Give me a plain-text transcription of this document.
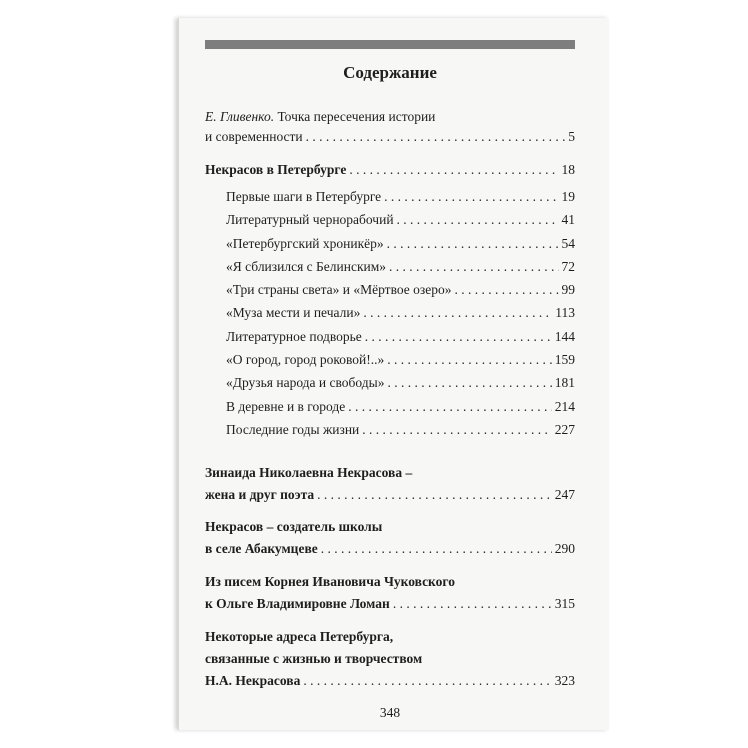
Содержание
Е. Гливенко. Точка пересечения истории
и современности . . .	5
Некрасов в Петербурге . . .	18
Первые шаги в Петербурге . . .	19
Литературный чернорабочий . . .	41
«Петербургский хроникёр» . . .	54
«Я сблизился с Белинским» . . .	72
«Три страны света» и «Мёртвое озеро» . . .	99
«Муза мести и печали» . . .	113
Литературное подворье . . .	144
«О город, город роковой!..» . . .	159
«Друзья народа и свободы» . . .	181
В деревне и в городе . . .	214
Последние годы жизни . . .	227
Зинаида Николаевна Некрасова –
жена и друг поэта . . .	247
Некрасов – создатель школы
в селе Абакумцеве . . .	290
Из писем Корнея Ивановича Чуковского
к Ольге Владимировне Ломан . . .	315
Некоторые адреса Петербурга,
связанные с жизнью и творчеством
Н.А. Некрасова . . .	323
348
